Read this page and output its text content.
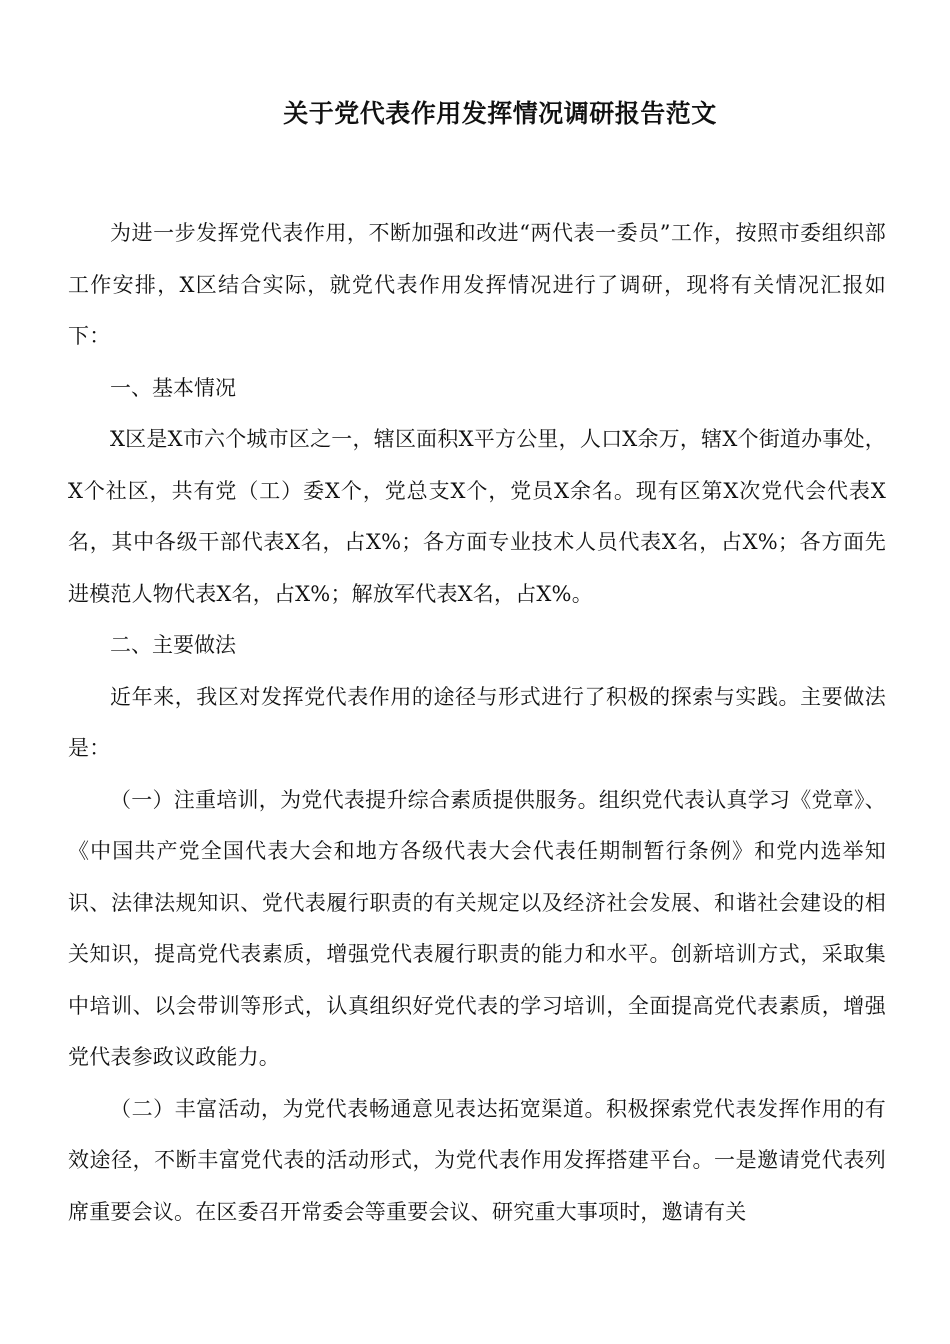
关于党代表作用发挥情况调研报告范文

为进一步发挥党代表作用，不断加强和改进“两代表一委员”工作，按照市委组织部工作安排，X区结合实际，就党代表作用发挥情况进行了调研，现将有关情况汇报如下：

一、基本情况

X区是X市六个城市区之一，辖区面积X平方公里，人口X余万，辖X个街道办事处，X个社区，共有党（工）委X个，党总支X个，党员X余名。现有区第X次党代会代表X名，其中各级干部代表X名，占X%；各方面专业技术人员代表X名，占X%；各方面先进模范人物代表X名，占X%；解放军代表X名，占X%。

二、主要做法

近年来，我区对发挥党代表作用的途径与形式进行了积极的探索与实践。主要做法是：

（一）注重培训，为党代表提升综合素质提供服务。组织党代表认真学习《党章》、《中国共产党全国代表大会和地方各级代表大会代表任期制暂行条例》和党内选举知识、法律法规知识、党代表履行职责的有关规定以及经济社会发展、和谐社会建设的相关知识，提高党代表素质，增强党代表履行职责的能力和水平。创新培训方式，采取集中培训、以会带训等形式，认真组织好党代表的学习培训，全面提高党代表素质，增强党代表参政议政能力。

（二）丰富活动，为党代表畅通意见表达拓宽渠道。积极探索党代表发挥作用的有效途径，不断丰富党代表的活动形式，为党代表作用发挥搭建平台。一是邀请党代表列席重要会议。在区委召开常委会等重要会议、研究重大事项时，邀请有关
